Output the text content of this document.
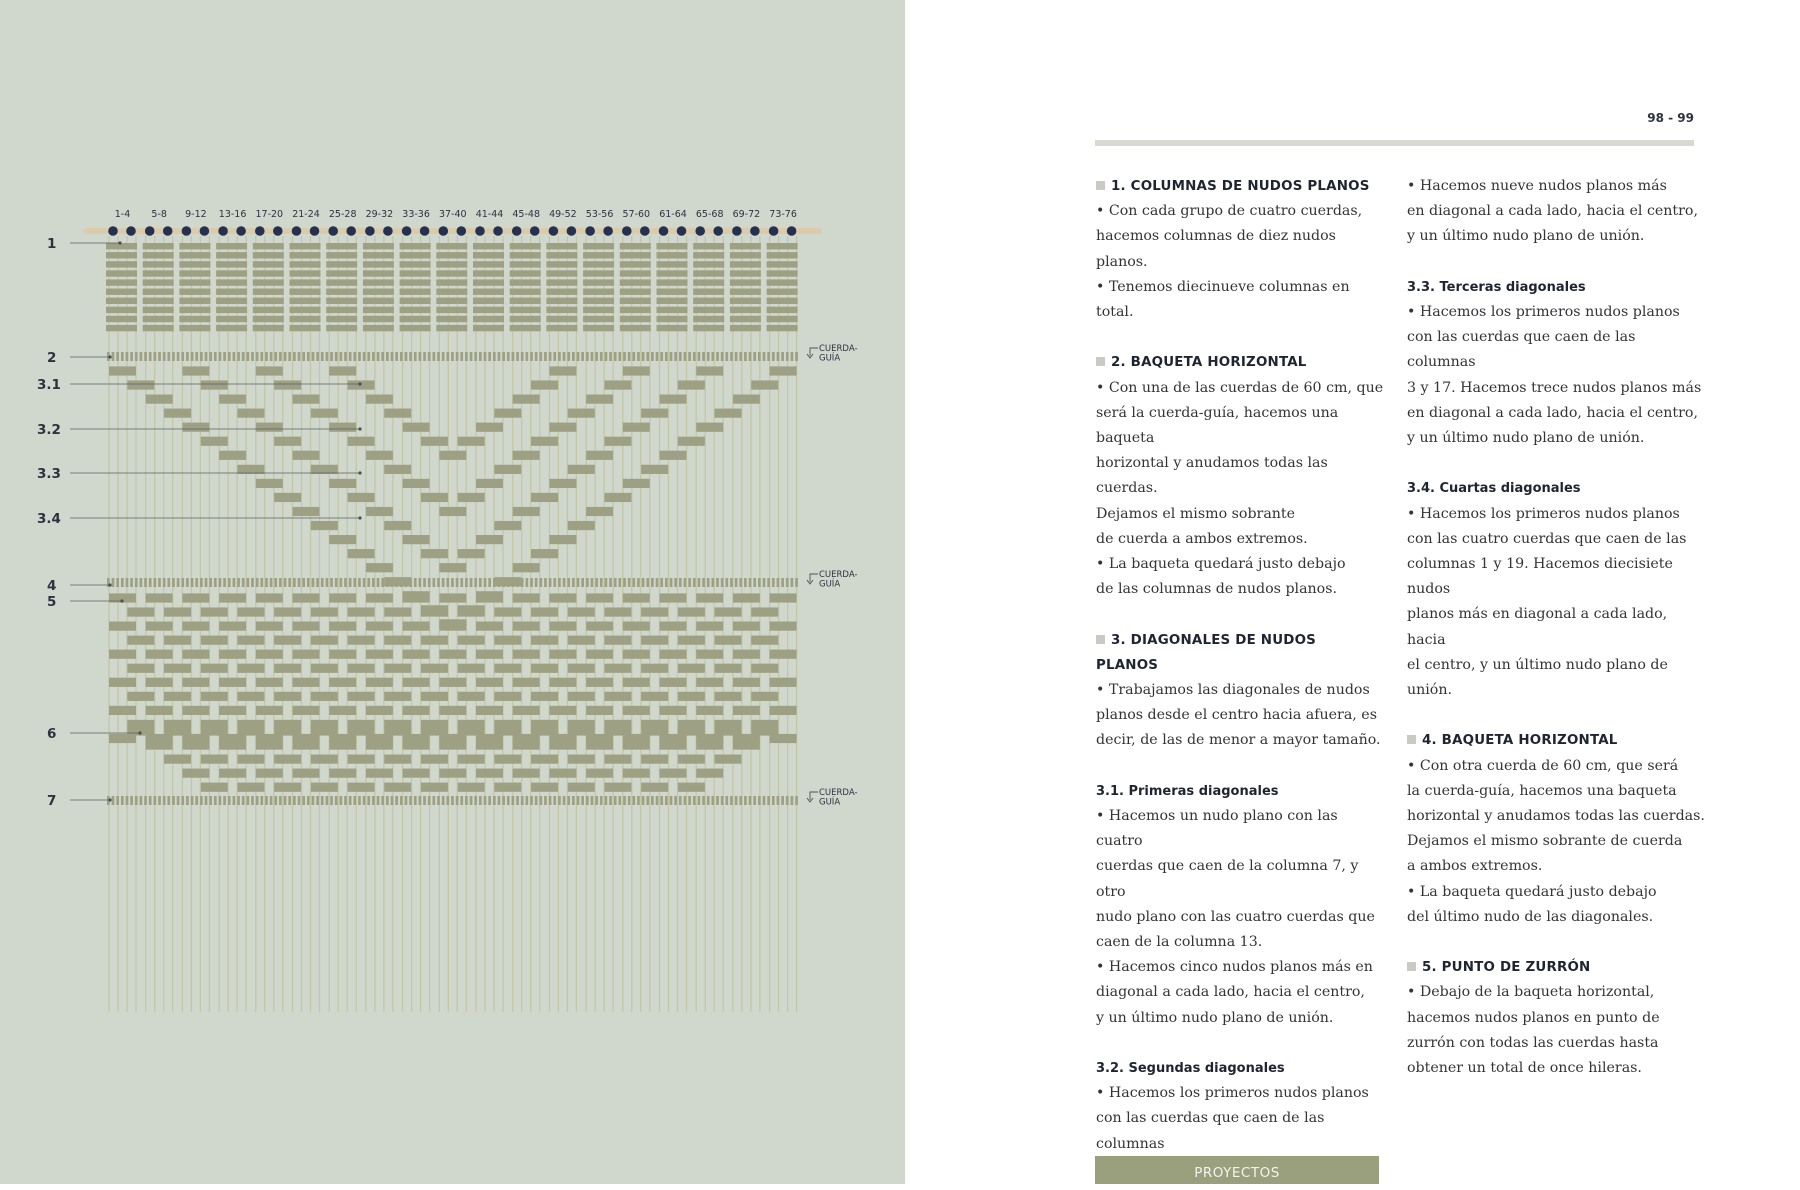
1-4 5-8 9-12 13-16 17-20 21-24 25-28 29-32 33-36 37-40 41-44 45-48 49-52 53-56 57-60 61-64 65-68 69-72 73-76
1
2
3.1
3.2
3.3
3.4
4
5
6
7
CUERDA-
GUÍA
CUERDA-
GUÍA
CUERDA-
GUÍA
98 - 99

1. COLUMNAS DE NUDOS PLANOS

• Con cada grupo de cuatro cuerdas,

hacemos columnas de diez nudos planos.

• Tenemos diecinueve columnas en total.

2. BAQUETA HORIZONTAL

• Con una de las cuerdas de 60 cm, que

será la cuerda-guía, hacemos una baqueta

horizontal y anudamos todas las cuerdas.

Dejamos el mismo sobrante

de cuerda a ambos extremos.

• La baqueta quedará justo debajo

de las columnas de nudos planos.

3. DIAGONALES DE NUDOS

PLANOS

• Trabajamos las diagonales de nudos

planos desde el centro hacia afuera, es

decir, de las de menor a mayor tamaño.

3.1. Primeras diagonales

• Hacemos un nudo plano con las cuatro

cuerdas que caen de la columna 7, y otro

nudo plano con las cuatro cuerdas que

caen de la columna 13.

• Hacemos cinco nudos planos más en

diagonal a cada lado, hacia el centro,

y un último nudo plano de unión.

3.2. Segundas diagonales

• Hacemos los primeros nudos planos

con las cuerdas que caen de las columnas

• Hacemos nueve nudos planos más

en diagonal a cada lado, hacia el centro,

y un último nudo plano de unión.

3.3. Terceras diagonales

• Hacemos los primeros nudos planos

con las cuerdas que caen de las columnas

3 y 17. Hacemos trece nudos planos más

en diagonal a cada lado, hacia el centro,

y un último nudo plano de unión.

3.4. Cuartas diagonales

• Hacemos los primeros nudos planos

con las cuatro cuerdas que caen de las

columnas 1 y 19. Hacemos diecisiete nudos

planos más en diagonal a cada lado, hacia

el centro, y un último nudo plano de unión.

4. BAQUETA HORIZONTAL

• Con otra cuerda de 60 cm, que será

la cuerda-guía, hacemos una baqueta

horizontal y anudamos todas las cuerdas.

Dejamos el mismo sobrante de cuerda

a ambos extremos.

• La baqueta quedará justo debajo

del último nudo de las diagonales.

5. PUNTO DE ZURRÓN

• Debajo de la baqueta horizontal,

hacemos nudos planos en punto de

zurrón con todas las cuerdas hasta

obtener un total de once hileras.

PROYECTOS
